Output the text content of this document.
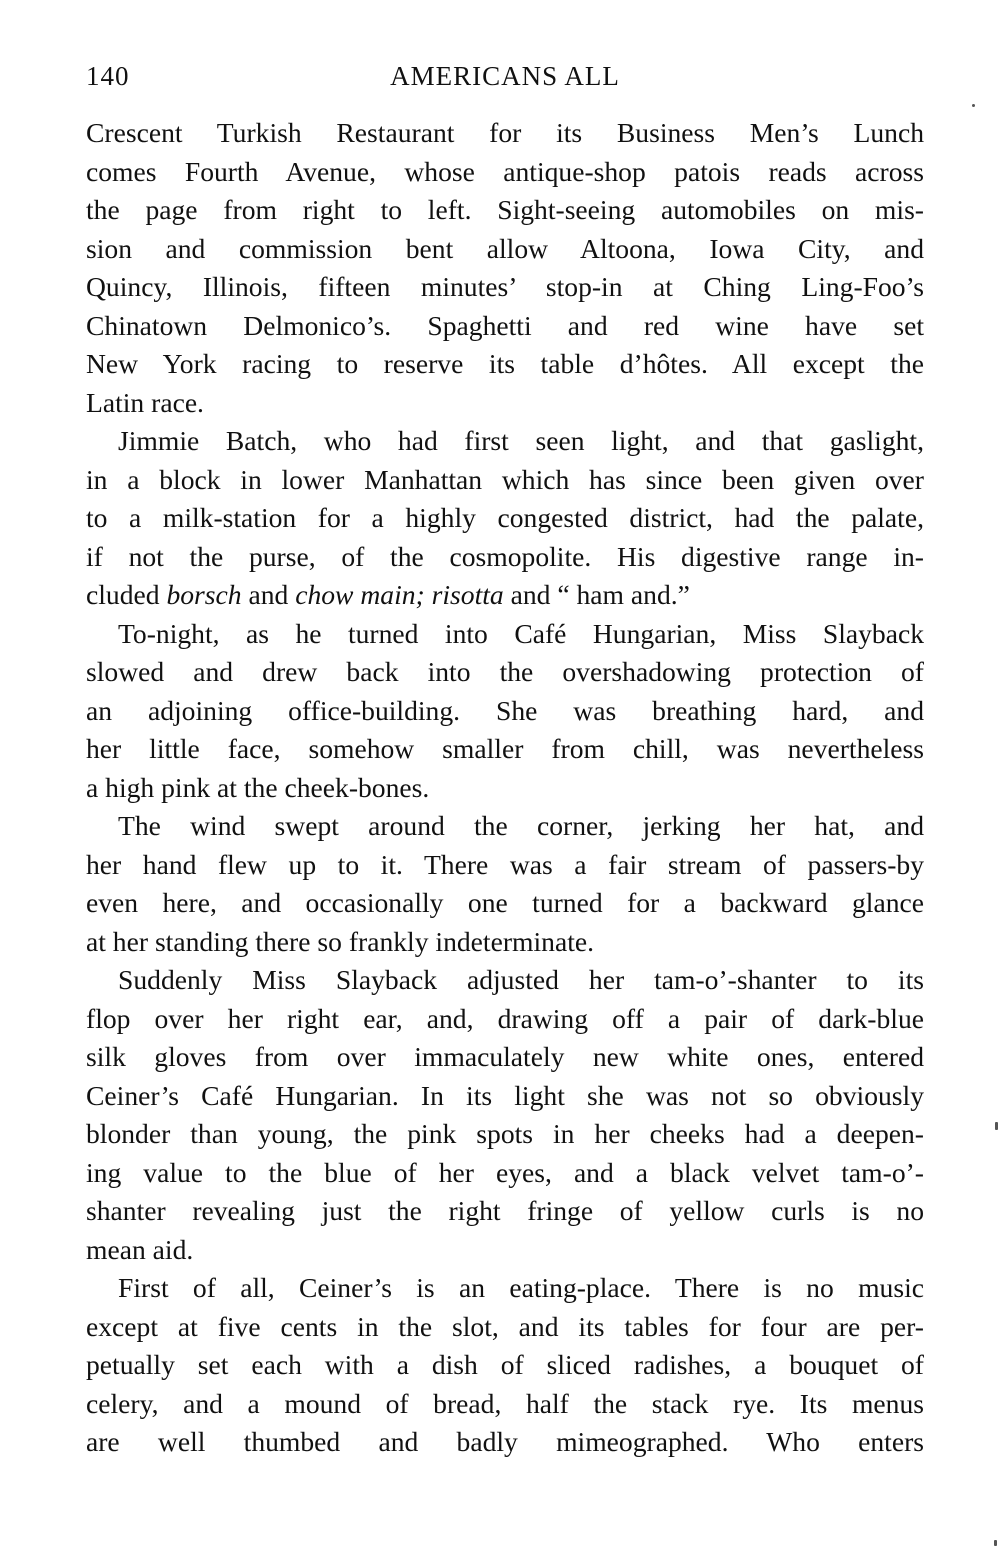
140	AMERICANS ALL
Crescent Turkish Restaurant for its Business Men’s Lunch
comes Fourth Avenue, whose antique-shop patois reads across
the page from right to left. Sight-seeing automobiles on mis-
sion and commission bent allow Altoona, Iowa City, and
Quincy, Illinois, fifteen minutes’ stop-in at Ching Ling-Foo’s
Chinatown Delmonico’s. Spaghetti and red wine have set
New York racing to reserve its table d’hôtes. All except the
Latin race.
Jimmie Batch, who had first seen light, and that gaslight,
in a block in lower Manhattan which has since been given over
to a milk-station for a highly congested district, had the palate,
if not the purse, of the cosmopolite. His digestive range in-
cluded borsch and chow main; risotta and “ ham and.”
To-night, as he turned into Café Hungarian, Miss Slayback
slowed and drew back into the overshadowing protection of
an adjoining office-building. She was breathing hard, and
her little face, somehow smaller from chill, was nevertheless
a high pink at the cheek-bones.
The wind swept around the corner, jerking her hat, and
her hand flew up to it. There was a fair stream of passers-by
even here, and occasionally one turned for a backward glance
at her standing there so frankly indeterminate.
Suddenly Miss Slayback adjusted her tam-o’-shanter to its
flop over her right ear, and, drawing off a pair of dark-blue
silk gloves from over immaculately new white ones, entered
Ceiner’s Café Hungarian. In its light she was not so obviously
blonder than young, the pink spots in her cheeks had a deepen-
ing value to the blue of her eyes, and a black velvet tam-o’-
shanter revealing just the right fringe of yellow curls is no
mean aid.
First of all, Ceiner’s is an eating-place. There is no music
except at five cents in the slot, and its tables for four are per-
petually set each with a dish of sliced radishes, a bouquet of
celery, and a mound of bread, half the stack rye. Its menus
are well thumbed and badly mimeographed. Who enters
